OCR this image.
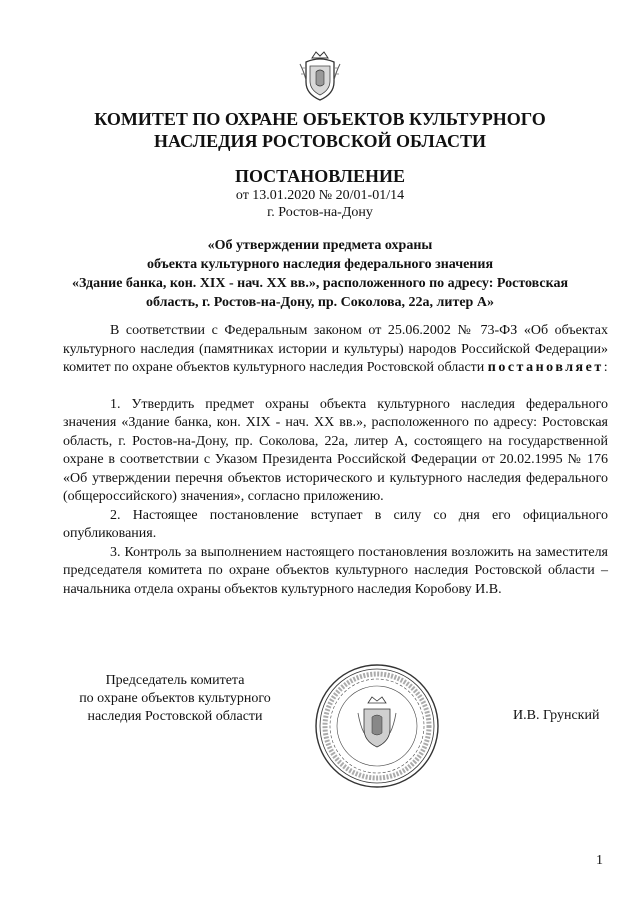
КОМИТЕТ ПО ОХРАНЕ ОБЪЕКТОВ КУЛЬТУРНОГО
НАСЛЕДИЯ РОСТОВСКОЙ ОБЛАСТИ
ПОСТАНОВЛЕНИЕ
от 13.01.2020 № 20/01-01/14
г. Ростов-на-Дону
«Об утверждении предмета охраны
объекта культурного наследия федерального значения
«Здание банка, кон. XIX - нач. XX вв.», расположенного по адресу: Ростовская
область, г. Ростов-на-Дону, пр. Соколова, 22а, литер А»

В соответствии с Федеральным законом от 25.06.2002 № 73-ФЗ «Об объектах культурного наследия (памятниках истории и культуры) народов Российской Федерации» комитет по охране объектов культурного наследия Ростовской области постановляет:

1. Утвердить предмет охраны объекта культурного наследия федерального значения «Здание банка, кон. XIX - нач. XX вв.», расположенного по адресу: Ростовская область, г. Ростов-на-Дону, пр. Соколова, 22а, литер А, состоящего на государственной охране в соответствии с Указом Президента Российской Федерации от 20.02.1995 № 176 «Об утверждении перечня объектов исторического и культурного наследия федерального (общероссийского) значения», согласно приложению.

2. Настоящее постановление вступает в силу со дня его официального опубликования.

3. Контроль за выполнением настоящего постановления возложить на заместителя председателя комитета по охране объектов культурного наследия Ростовской области – начальника отдела охраны объектов культурного наследия Коробову И.В.

Председатель комитета
по охране объектов культурного
наследия Ростовской области	И.В. Грунский
1
